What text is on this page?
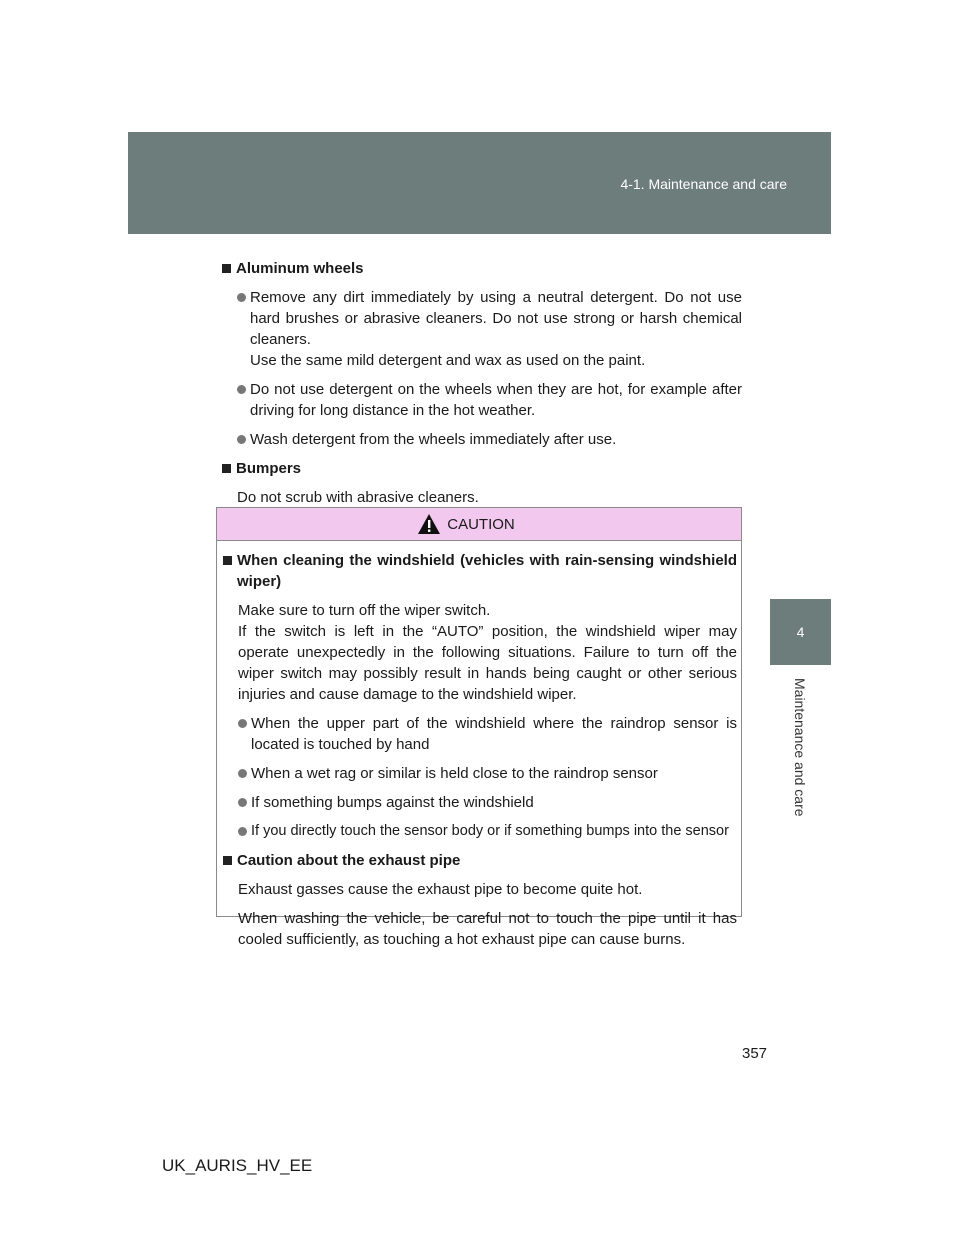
4-1. Maintenance and care
4
Maintenance and care
Aluminum wheels
Remove any dirt immediately by using a neutral detergent. Do not use hard brushes or abrasive cleaners. Do not use strong or harsh chemical cleaners.
Use the same mild detergent and wax as used on the paint.
Do not use detergent on the wheels when they are hot, for example after driving for long distance in the hot weather.
Wash detergent from the wheels immediately after use.
Bumpers
Do not scrub with abrasive cleaners.
CAUTION
When cleaning the windshield (vehicles with rain-sensing windshield wiper)
Make sure to turn off the wiper switch.
If the switch is left in the “AUTO” position, the windshield wiper may operate unexpectedly in the following situations. Failure to turn off the wiper switch may possibly result in hands being caught or other serious injuries and cause damage to the windshield wiper.
When the upper part of the windshield where the raindrop sensor is located is touched by hand
When a wet rag or similar is held close to the raindrop sensor
If something bumps against the windshield
If you directly touch the sensor body or if something bumps into the sensor
Caution about the exhaust pipe
Exhaust gasses cause the exhaust pipe to become quite hot.
When washing the vehicle, be careful not to touch the pipe until it has cooled sufficiently, as touching a hot exhaust pipe can cause burns.
357
UK_AURIS_HV_EE
